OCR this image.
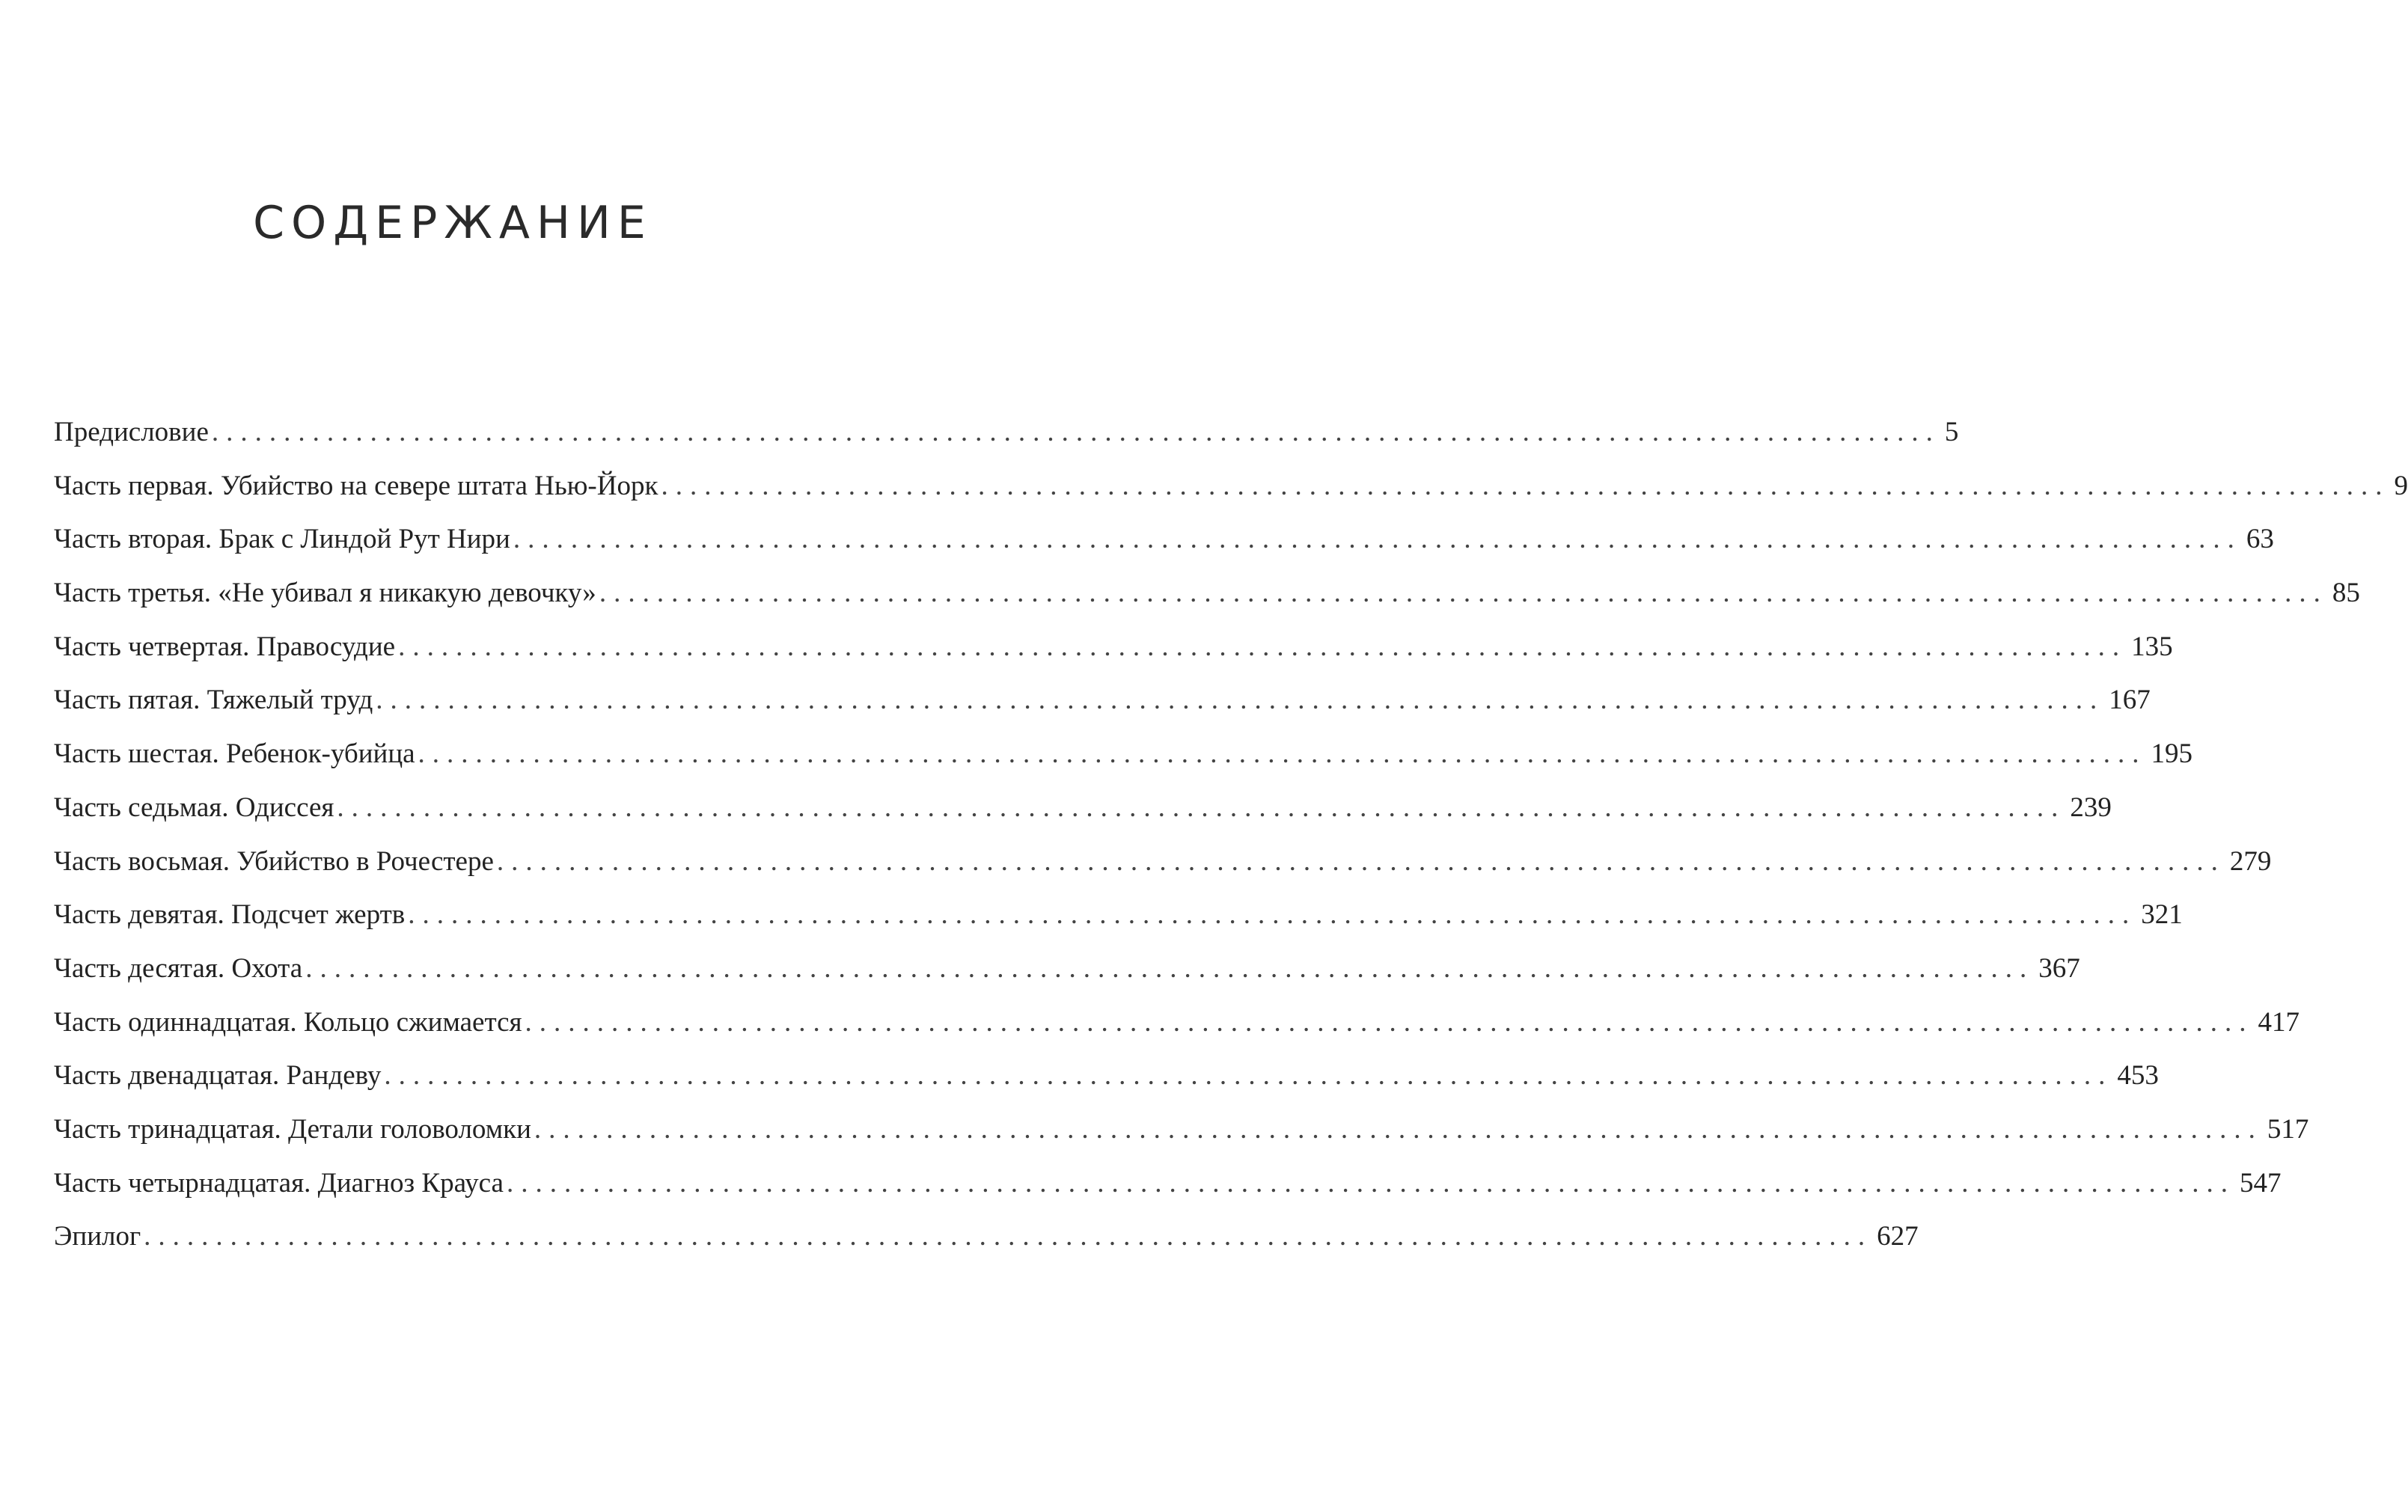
СОДЕРЖАНИЕ
Предисловие ........................................................................................................................ 5
Часть первая. Убийство на севере штата Нью-Йорк ........................................................................................................................ 9
Часть вторая. Брак с Линдой Рут Нири ........................................................................................................................ 63
Часть третья. «Не убивал я никакую девочку» ........................................................................................................................ 85
Часть четвертая. Правосудие ........................................................................................................................ 135
Часть пятая. Тяжелый труд ........................................................................................................................ 167
Часть шестая. Ребенок-убийца ........................................................................................................................ 195
Часть седьмая. Одиссея ........................................................................................................................ 239
Часть восьмая. Убийство в Рочестере ........................................................................................................................ 279
Часть девятая. Подсчет жертв ........................................................................................................................ 321
Часть десятая. Охота ........................................................................................................................ 367
Часть одиннадцатая. Кольцо сжимается ........................................................................................................................ 417
Часть двенадцатая. Рандеву ........................................................................................................................ 453
Часть тринадцатая. Детали головоломки ........................................................................................................................ 517
Часть четырнадцатая. Диагноз Крауса ........................................................................................................................ 547
Эпилог ........................................................................................................................ 627
